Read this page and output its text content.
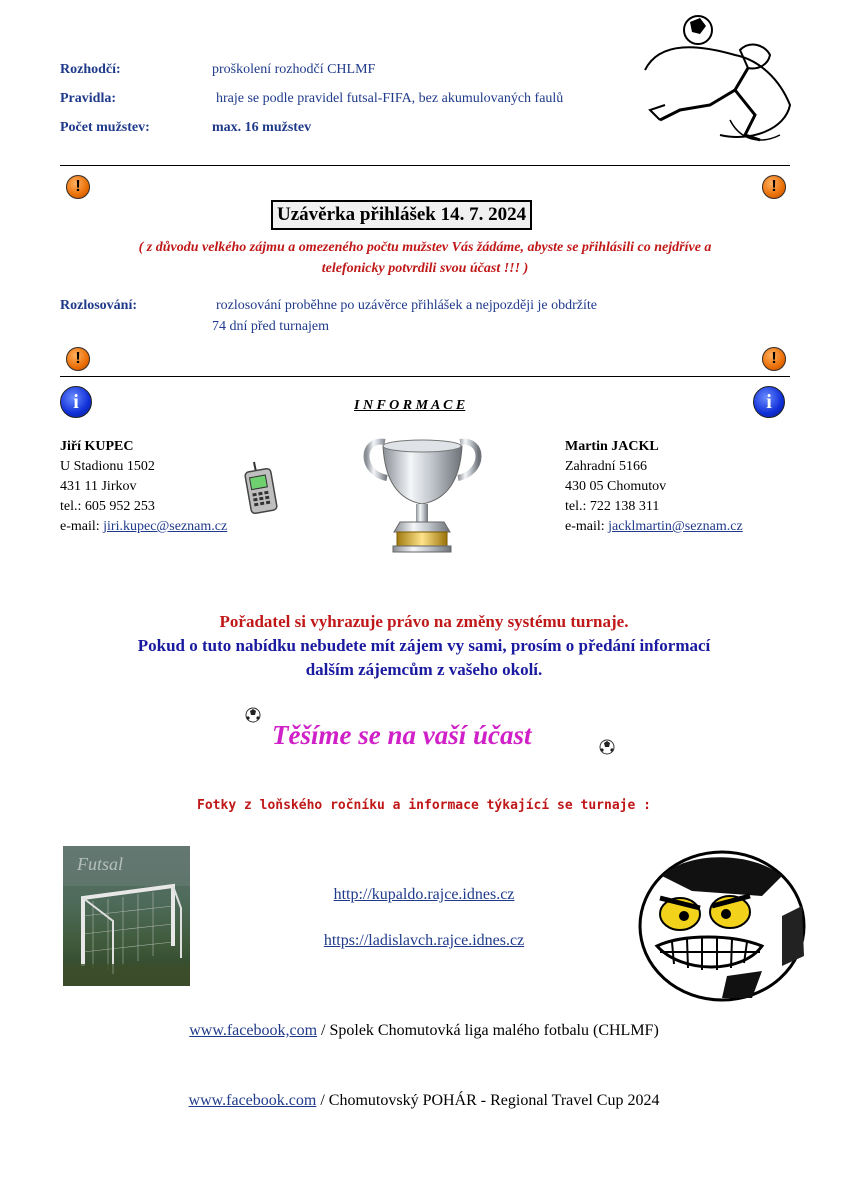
Rozhodčí:	proškolení rozhodčí CHLMF
Pravidla:	hraje se podle pravidel futsal-FIFA, bez akumulovaných faulů
Počet mužstev:	max. 16 mužstev
!	!
Uzávěrka přihlášek 14. 7. 2024
( z důvodu velkého zájmu a omezeného počtu mužstev Vás žádáme, abyste se přihlásili co nejdříve a
telefonicky potvrdili svou účast !!! )
Rozlosování:	rozlosování proběhne po uzávěrce přihlášek a nejpozději je obdržíte
74 dní před turnajem
!	!
i	i
I N F O R M A C E
Jiří KUPEC
U Stadionu 1502
431 11 Jirkov
tel.: 605 952 253
e-mail: jiri.kupec@seznam.cz
Martin JACKL
Zahradní 5166
430 05 Chomutov
tel.: 722 138 311
e-mail: jacklmartin@seznam.cz
Pořadatel si vyhrazuje právo na změny systému turnaje.
Pokud o tuto nabídku nebudete mít zájem vy sami, prosím o předání informací
dalším zájemcům z vašeho okolí.
Těšíme se na vaší účast
Fotky z loňského ročníku a informace týkající se turnaje :
http://kupaldo.rajce.idnes.cz
https://ladislavch.rajce.idnes.cz
www.facebook,com / Spolek Chomutovká liga malého fotbalu (CHLMF)
www.facebook.com / Chomutovský POHÁR - Regional Travel Cup 2024
